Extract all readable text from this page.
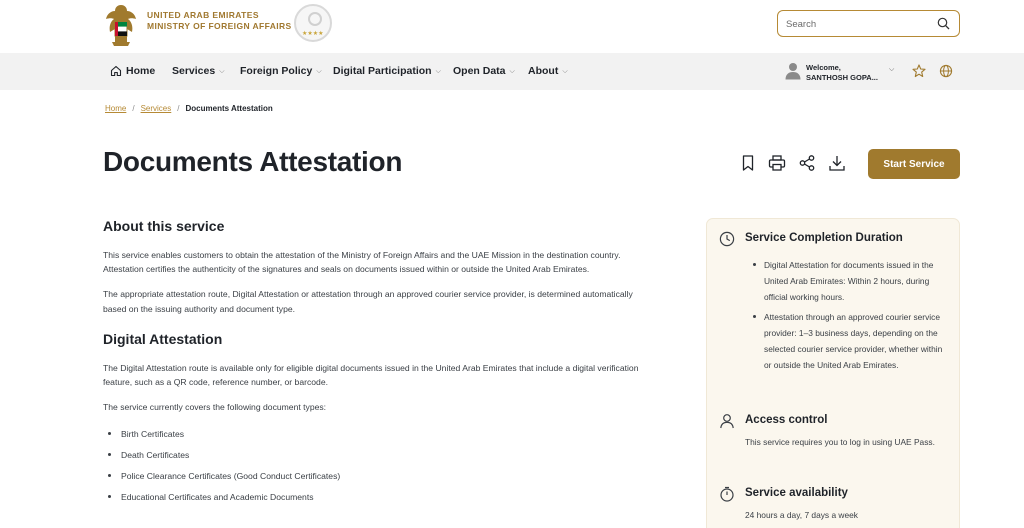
UNITED ARAB EMIRATES
MINISTRY OF FOREIGN AFFAIRS
★★★★
Search
Home Services ⌵ Foreign Policy ⌵ Digital Participation ⌵ Open Data ⌵ About ⌵	Welcome,
SANTHOSH GOPA...
⌵
Home / Services / Documents Attestation
Documents Attestation	Start Service
About this service

This service enables customers to obtain the attestation of the Ministry of Foreign Affairs and the UAE Mission in the destination country. Attestation certifies the authenticity of the signatures and seals on documents issued within or outside the United Arab Emirates.

The appropriate attestation route, Digital Attestation or attestation through an approved courier service provider, is determined automatically based on the issuing authority and document type.

Digital Attestation

The Digital Attestation route is available only for eligible digital documents issued in the United Arab Emirates that include a digital verification feature, such as a QR code, reference number, or barcode.

The service currently covers the following document types:

Birth Certificates
Death Certificates
Police Clearance Certificates (Good Conduct Certificates)
Educational Certificates and Academic Documents
Service Completion Duration
Digital Attestation for documents issued in the United Arab Emirates: Within 2 hours, during official working hours.
Attestation through an approved courier service provider: 1–3 business days, depending on the selected courier service provider, whether within or outside the United Arab Emirates.
Access control
This service requires you to log in using UAE Pass.
Service availability
24 hours a day, 7 days a week
